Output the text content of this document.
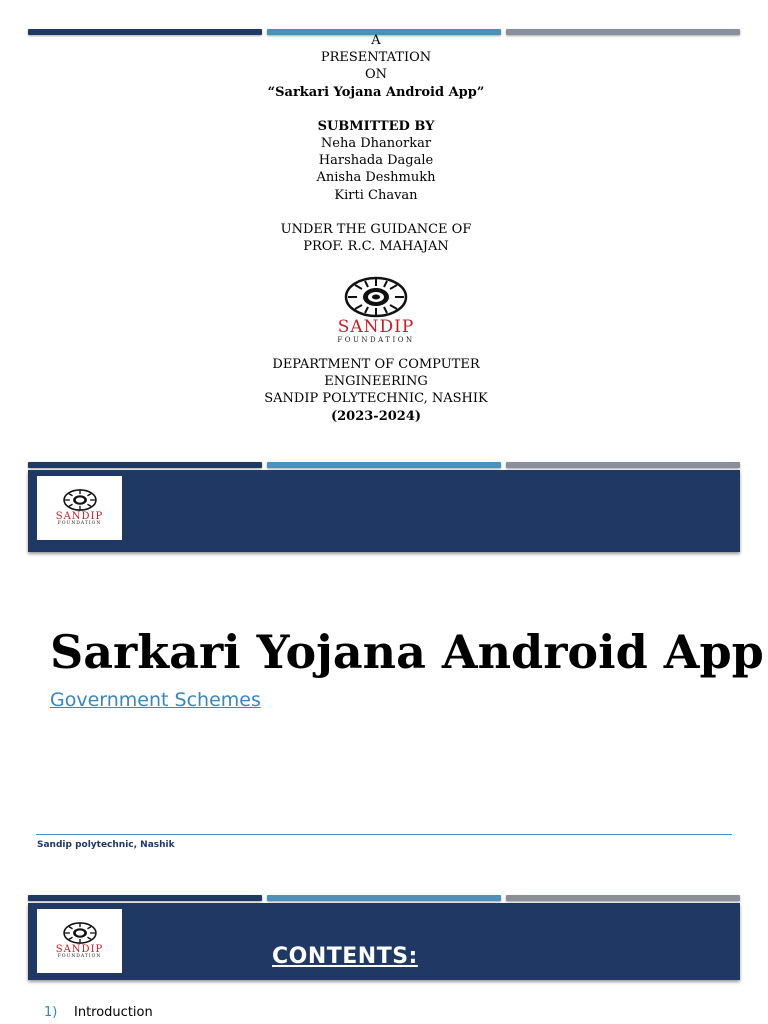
A
PRESENTATION
ON
“Sarkari Yojana Android App”
SUBMITTED BY
Neha Dhanorkar
Harshada Dagale
Anisha Deshmukh
Kirti Chavan
UNDER THE GUIDANCE OF
PROF. R.C. MAHAJAN
SANDIP
FOUNDATION
DEPARTMENT OF COMPUTER
ENGINEERING
SANDIP POLYTECHNIC, NASHIK
(2023-2024)
SANDIP
FOUNDATION
Sarkari Yojana Android App
Government Schemes
Sandip polytechnic, Nashik
SANDIP
FOUNDATION	CONTENTS:
1) Introduction
